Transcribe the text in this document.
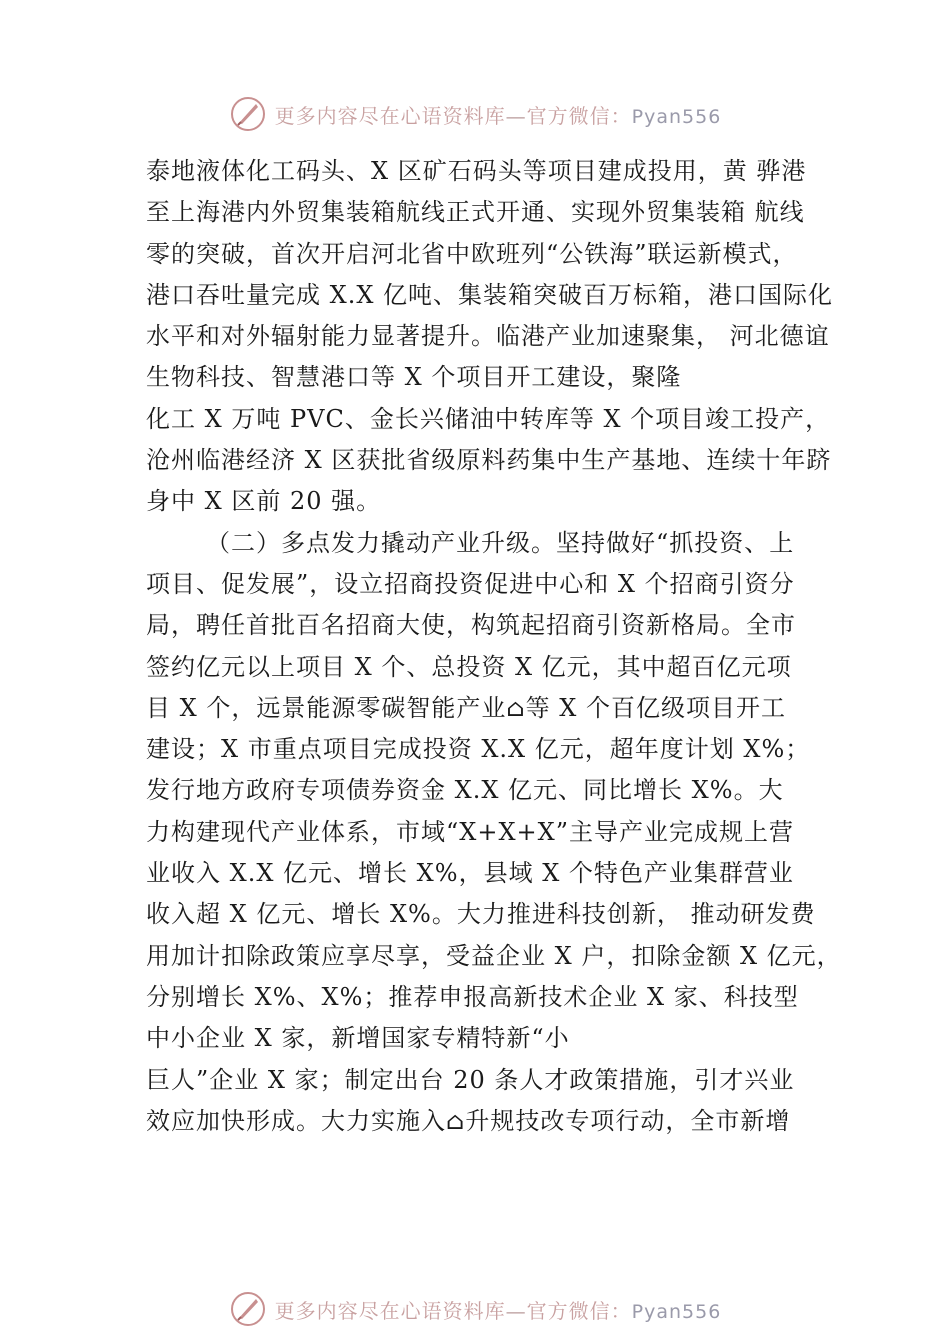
更多内容尽在心语资料库—官方微信：Pyan556
泰地液体化工码头、X 区矿石码头等项目建成投用，黄 骅港
至上海港内外贸集装箱航线正式开通、实现外贸集装箱 航线
零的突破，首次开启河北省中欧班列“公铁海”联运新模式，
港口吞吐量完成 X.X 亿吨、集装箱突破百万标箱，港口国际化
水平和对外辐射能力显著提升。临港产业加速聚集， 河北德谊
生物科技、智慧港口等 X 个项目开工建设，聚隆
化工 X 万吨 PVC、金长兴储油中转库等 X 个项目竣工投产，
沧州临港经济 X 区获批省级原料药集中生产基地、连续十年跻
身中 X 区前 20 强。
（二）多点发力撬动产业升级。坚持做好“抓投资、上
项目、促发展”，设立招商投资促进中心和 X 个招商引资分
局，聘任首批百名招商大使，构筑起招商引资新格局。全市
签约亿元以上项目 X 个、总投资 X 亿元，其中超百亿元项
目 X 个，远景能源零碳智能产业⌂等 X 个百亿级项目开工
建设；X 市重点项目完成投资 X.X 亿元，超年度计划 X%；
发行地方政府专项债券资金 X.X 亿元、同比增长 X%。大
力构建现代产业体系，市域“X+X+X”主导产业完成规上营
业收入 X.X 亿元、增长 X%，县域 X 个特色产业集群营业
收入超 X 亿元、增长 X%。大力推进科技创新， 推动研发费
用加计扣除政策应享尽享，受益企业 X 户，扣除金额 X 亿元，
分别增长 X%、X%；推荐申报高新技术企业 X 家、科技型
中小企业 X 家，新增国家专精特新“小
巨人”企业 X 家；制定出台 20 条人才政策措施，引才兴业
效应加快形成。大力实施入⌂升规技改专项行动，全市新增
更多内容尽在心语资料库—官方微信：Pyan556
